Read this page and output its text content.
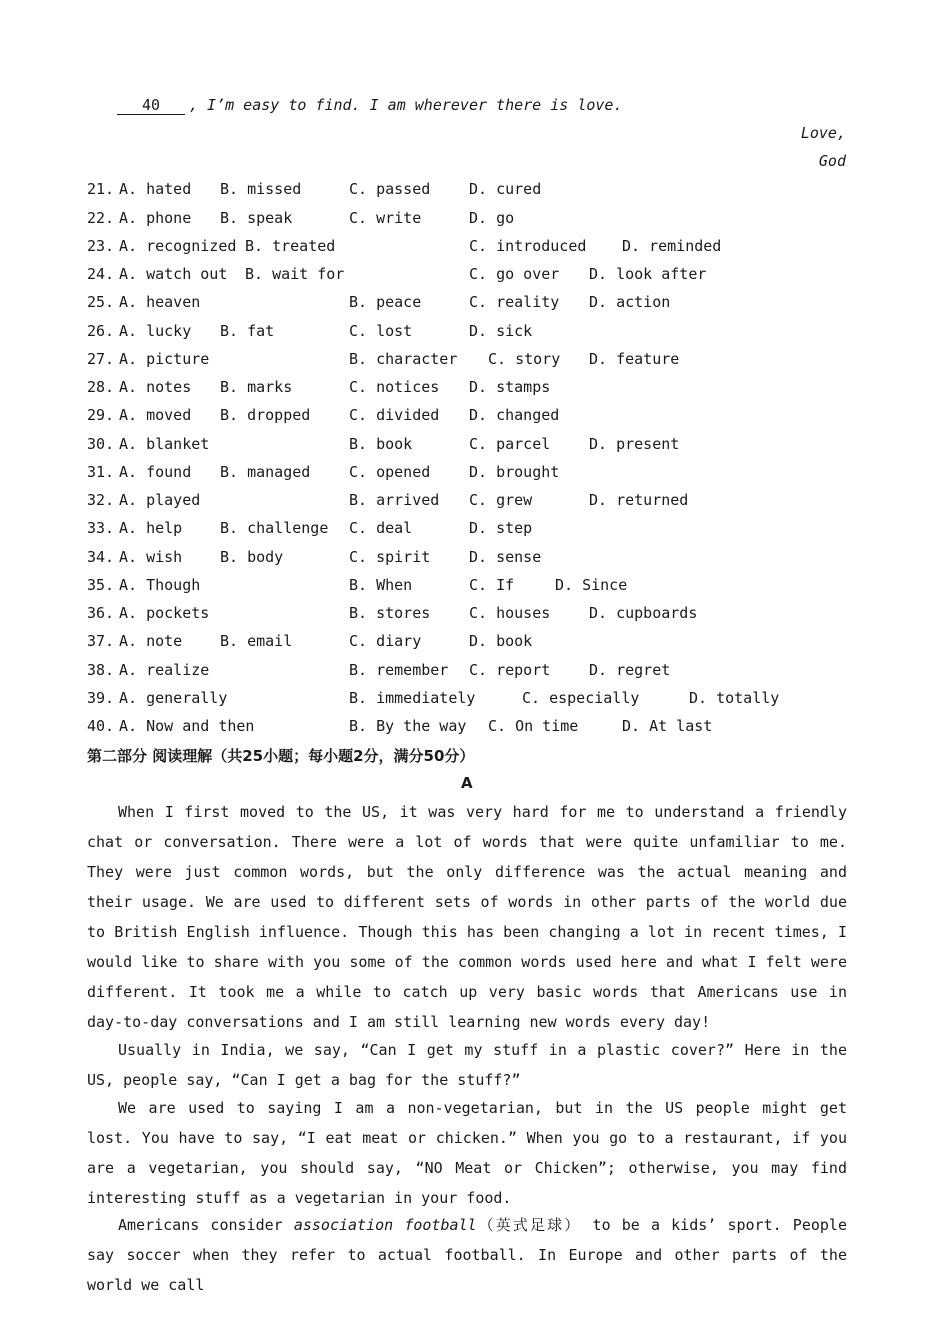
40 , I’m easy to find. I am wherever there is love.
Love,
God
21. A. hated B. missed	C. passed	D. cured
22. A. phone B. speak	C. write	D. go
23. A. recognized B. treated	C. introduced D. reminded
24. A. watch out B. wait for	C. go over D. look after
25. A. heaven	B. peace	C. reality D. action
26. A. lucky B. fat	C. lost	D. sick
27. A. picture	B. character C. story D. feature
28. A. notes B. marks	C. notices D. stamps
29. A. moved B. dropped	C. divided D. changed
30. A. blanket	B. book	C. parcel	D. present
31. A. found B. managed	C. opened	D. brought
32. A. played	B. arrived C. grew	D. returned
33. A. help	B. challenge C. deal	D. step
34. A. wish	B. body	C. spirit	D. sense
35. A. Though	B. When	C. If	D. Since
36. A. pockets	B. stores	C. houses	D. cupboards
37. A. note	B. email	C. diary	D. book
38. A. realize	B. remember C. report	D. regret
39. A. generally	B. immediately	C. especially	D. totally
40. A. Now and then	B. By the way C. On time	D. At last
第二部分 阅读理解（共25小题；每小题2分，满分50分）
A

When I first moved to the US, it was very hard for me to understand a friendly chat or conversation. There were a lot of words that were quite unfamiliar to me. They were just common words, but the only difference was the actual meaning and their usage. We are used to different sets of words in other parts of the world due to British English influence. Though this has been changing a lot in recent times, I would like to share with you some of the common words used here and what I felt were different. It took me a while to catch up very basic words that Americans use in day-to-day conversations and I am still learning new words every day!

Usually in India, we say, “Can I get my stuff in a plastic cover?” Here in the US, people say, “Can I get a bag for the stuff?”

We are used to saying I am a non-vegetarian, but in the US people might get lost. You have to say, “I eat meat or chicken.” When you go to a restaurant, if you are a vegetarian, you should say, “NO Meat or Chicken”; otherwise, you may find interesting stuff as a vegetarian in your food.

Americans consider association football（英式足球） to be a kids’ sport. People say soccer when they refer to actual football. In Europe and other parts of the world we call
